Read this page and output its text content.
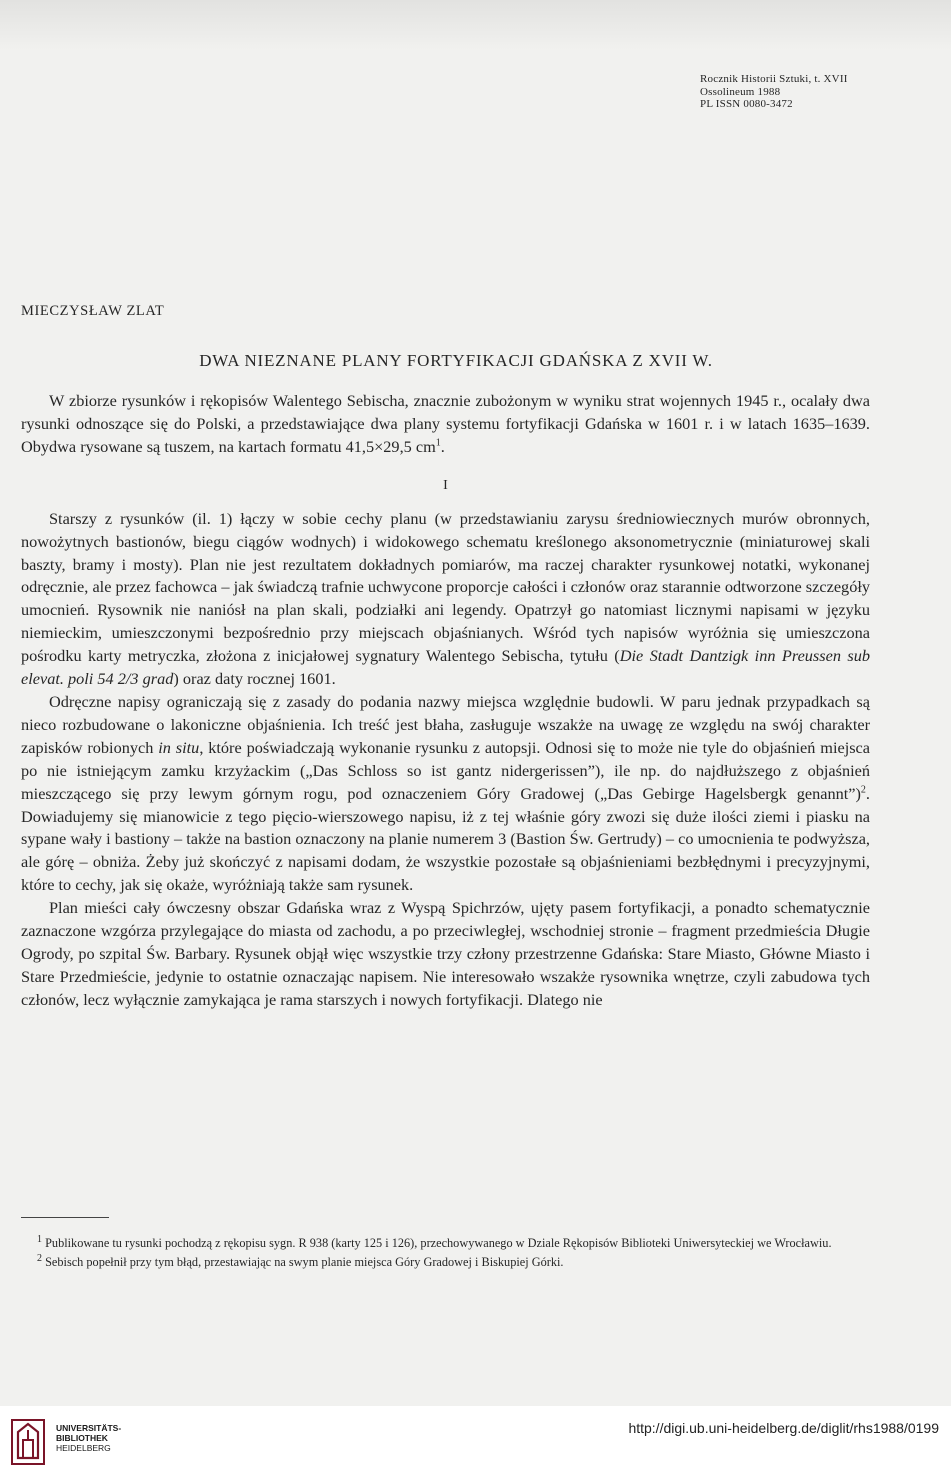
Rocznik Historii Sztuki, t. XVII
Ossolineum 1988
PL ISSN 0080-3472
MIECZYSŁAW ZLAT
DWA NIEZNANE PLANY FORTYFIKACJI GDAŃSKA Z XVII W.

W zbiorze rysunków i rękopisów Walentego Sebischa, znacznie zubożonym w wyniku strat wojennych 1945 r., ocalały dwa rysunki odnoszące się do Polski, a przedstawiające dwa plany systemu fortyfikacji Gdańska w 1601 r. i w latach 1635–1639. Obydwa rysowane są tuszem, na kartach formatu 41,5×29,5 $cm^1$.

I

Starszy z rysunków (il. 1) łączy w sobie cechy planu (w przedstawianiu zarysu średniowiecznych murów obronnych, nowożytnych bastionów, biegu ciągów wodnych) i widokowego schematu kreślonego aksonometrycznie (miniaturowej skali baszty, bramy i mosty). Plan nie jest rezultatem dokładnych pomiarów, ma raczej charakter rysunkowej notatki, wykonanej odręcznie, ale przez fachowca – jak świadczą trafnie uchwycone proporcje całości i członów oraz starannie odtworzone szczegóły umocnień. Rysownik nie naniósł na plan skali, podziałki ani legendy. Opatrzył go natomiast licznymi napisami w języku niemieckim, umieszczonymi bezpośrednio przy miejscach objaśnianych. Wśród tych napisów wyróżnia się umieszczona pośrodku karty metryczka, złożona z inicjałowej sygnatury Walentego Sebischa, tytułu (Die Stadt Dantzigk inn Preussen sub elevat. poli 54 2/3 grad) oraz daty rocznej 1601.

Odręczne napisy ograniczają się z zasady do podania nazwy miejsca względnie budowli. W paru jednak przypadkach są nieco rozbudowane o lakoniczne objaśnienia. Ich treść jest błaha, zasługuje wszakże na uwagę ze względu na swój charakter zapisków robionych in situ, które poświadczają wykonanie rysunku z autopsji. Odnosi się to może nie tyle do objaśnień miejsca po nie istniejącym zamku krzyżackim („Das Schloss so ist gantz nidergerissen”), ile np. do najdłuższego z objaśnień mieszczącego się przy lewym górnym rogu, pod oznaczeniem Góry Gradowej („Das Gebirge Hagelsbergk genannt”)$^2$. Dowiadujemy się mianowicie z tego pięcio-wierszowego napisu, iż z tej właśnie góry zwozi się duże ilości ziemi i piasku na sypane wały i bastiony – także na bastion oznaczony na planie numerem 3 (Bastion Św. Gertrudy) – co umocnienia te podwyższa, ale górę – obniża. Żeby już skończyć z napisami dodam, że wszystkie pozostałe są objaśnieniami bezbłędnymi i precyzyjnymi, które to cechy, jak się okaże, wyróżniają także sam rysunek.

Plan mieści cały ówczesny obszar Gdańska wraz z Wyspą Spichrzów, ujęty pasem fortyfikacji, a ponadto schematycznie zaznaczone wzgórza przylegające do miasta od zachodu, a po przeciwległej, wschodniej stronie – fragment przedmieścia Długie Ogrody, po szpital Św. Barbary. Rysunek objął więc wszystkie trzy człony przestrzenne Gdańska: Stare Miasto, Główne Miasto i Stare Przedmieście, jedynie to ostatnie oznaczając napisem. Nie interesowało wszakże rysownika wnętrze, czyli zabudowa tych członów, lecz wyłącznie zamykająca je rama starszych i nowych fortyfikacji. Dlatego nie

$^1$ Publikowane tu rysunki pochodzą z rękopisu sygn. R 938 (karty 125 i 126), przechowywanego w Dziale Rękopisów Biblioteki Uniwersyteckiej we Wrocławiu.

$^2$ Sebisch popełnił przy tym błąd, przestawiając na swym planie miejsca Góry Gradowej i Biskupiej Górki.

UNIVERSITÄTS-
BIBLIOTHEK
HEIDELBERG
http://digi.ub.uni-heidelberg.de/diglit/rhs1988/0199
